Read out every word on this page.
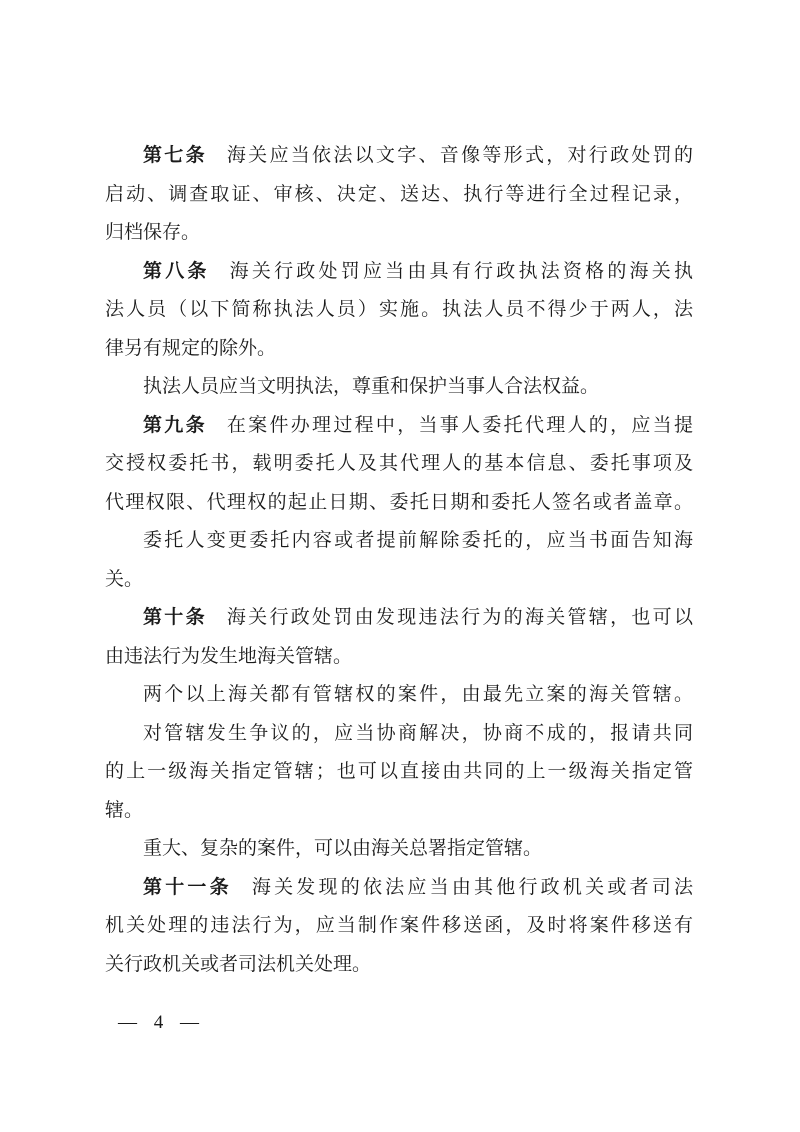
第七条 海关应当依法以文字、音像等形式，对行政处罚的
启动、调查取证、审核、决定、送达、执行等进行全过程记录，
归档保存。
第八条 海关行政处罚应当由具有行政执法资格的海关执
法人员（以下简称执法人员）实施。执法人员不得少于两人，法
律另有规定的除外。
执法人员应当文明执法，尊重和保护当事人合法权益。
第九条 在案件办理过程中，当事人委托代理人的，应当提
交授权委托书，载明委托人及其代理人的基本信息、委托事项及
代理权限、代理权的起止日期、委托日期和委托人签名或者盖章。
委托人变更委托内容或者提前解除委托的，应当书面告知海
关。
第十条 海关行政处罚由发现违法行为的海关管辖，也可以
由违法行为发生地海关管辖。
两个以上海关都有管辖权的案件，由最先立案的海关管辖。
对管辖发生争议的，应当协商解决，协商不成的，报请共同
的上一级海关指定管辖；也可以直接由共同的上一级海关指定管
辖。
重大、复杂的案件，可以由海关总署指定管辖。
第十一条 海关发现的依法应当由其他行政机关或者司法
机关处理的违法行为，应当制作案件移送函，及时将案件移送有
关行政机关或者司法机关处理。
— 4 —
